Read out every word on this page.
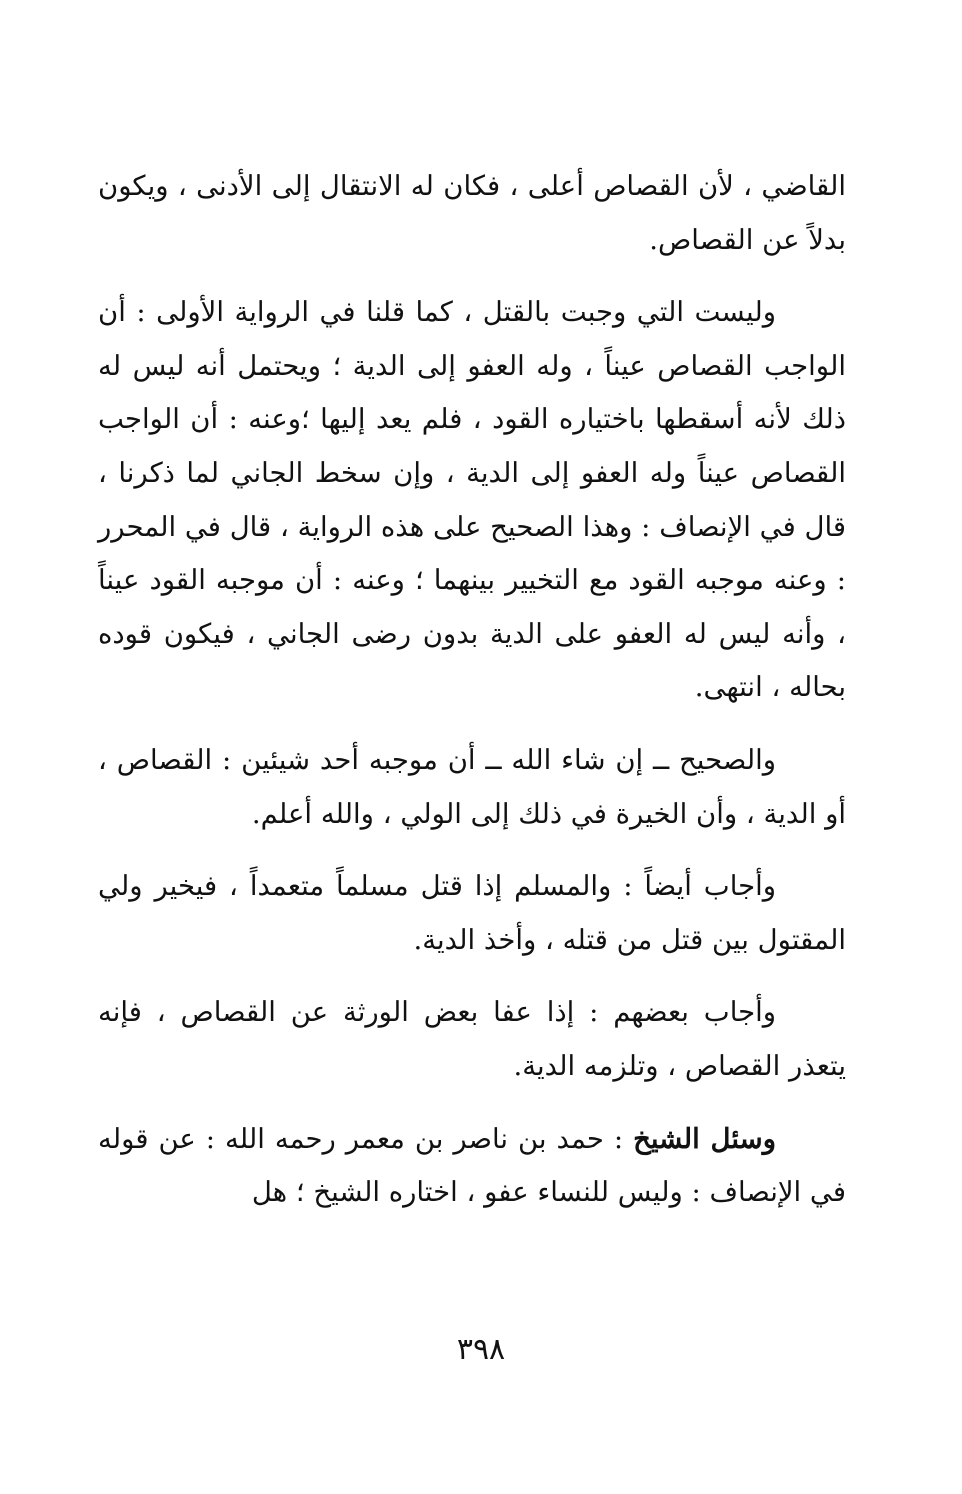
القاضي ، لأن القصاص أعلى ، فكان له الانتقال إلى الأدنى ، ويكون بدلاً عن القصاص.

وليست التي وجبت بالقتل ، كما قلنا في الرواية الأولى : أن الواجب القصاص عيناً ، وله العفو إلى الدية ؛ ويحتمل أنه ليس له ذلك لأنه أسقطها باختياره القود ، فلم يعد إليها ؛وعنه : أن الواجب القصاص عيناً وله العفو إلى الدية ، وإن سخط الجاني لما ذكرنا ، قال في الإنصاف : وهذا الصحيح على هذه الرواية ، قال في المحرر : وعنه موجبه القود مع التخيير بينهما ؛ وعنه : أن موجبه القود عيناً ، وأنه ليس له العفو على الدية بدون رضى الجاني ، فيكون قوده بحاله ، انتهى.

والصحيح ــ إن شاء الله ــ أن موجبه أحد شيئين : القصاص ، أو الدية ، وأن الخيرة في ذلك إلى الولي ، والله أعلم.

وأجاب أيضاً : والمسلم إذا قتل مسلماً متعمداً ، فيخير ولي المقتول بين قتل من قتله ، وأخذ الدية.

وأجاب بعضهم : إذا عفا بعض الورثة عن القصاص ، فإنه يتعذر القصاص ، وتلزمه الدية.

وسئل الشيخ : حمد بن ناصر بن معمر رحمه الله : عن قوله في الإنصاف : وليس للنساء عفو ، اختاره الشيخ ؛ هل

٣٩٨
